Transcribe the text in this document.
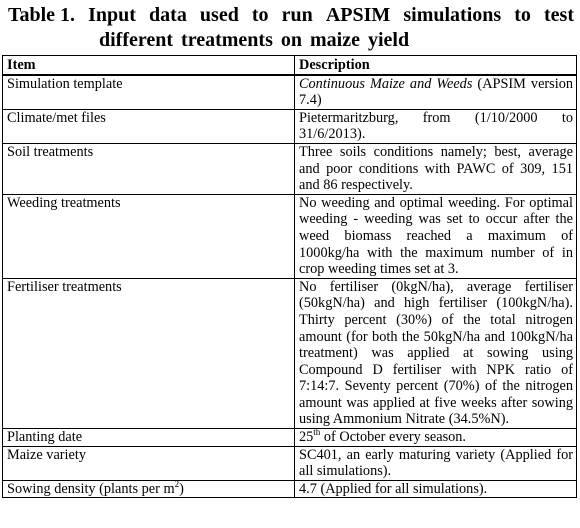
Table 1. Input data used to run APSIM simulations to test
different treatments on maize yield
Item	Description
Simulation template	Continuous Maize and Weeds (APSIM version 7.4)
Climate/met files	Pietermaritzburg, from (1/10/2000 to 31/6/2013).
Soil treatments	Three soils conditions namely; best, average and poor conditions with PAWC of 309, 151 and 86 respectively.
Weeding treatments	No weeding and optimal weeding. For optimal weeding - weeding was set to occur after the weed biomass reached a maximum of 1000kg/ha with the maximum number of in crop weeding times set at 3.
Fertiliser treatments	No fertiliser (0kgN/ha), average fertiliser (50kgN/ha) and high fertiliser (100kgN/ha). Thirty percent (30%) of the total nitrogen amount (for both the 50kgN/ha and 100kgN/ha treatment) was applied at sowing using Compound D fertiliser with NPK ratio of 7:14:7. Seventy percent (70%) of the nitrogen amount was applied at five weeks after sowing using Ammonium Nitrate (34.5%N).
Planting date	25th of October every season.
Maize variety	SC401, an early maturing variety (Applied for all simulations).
Sowing density (plants per $m^2$)	4.7 (Applied for all simulations).
